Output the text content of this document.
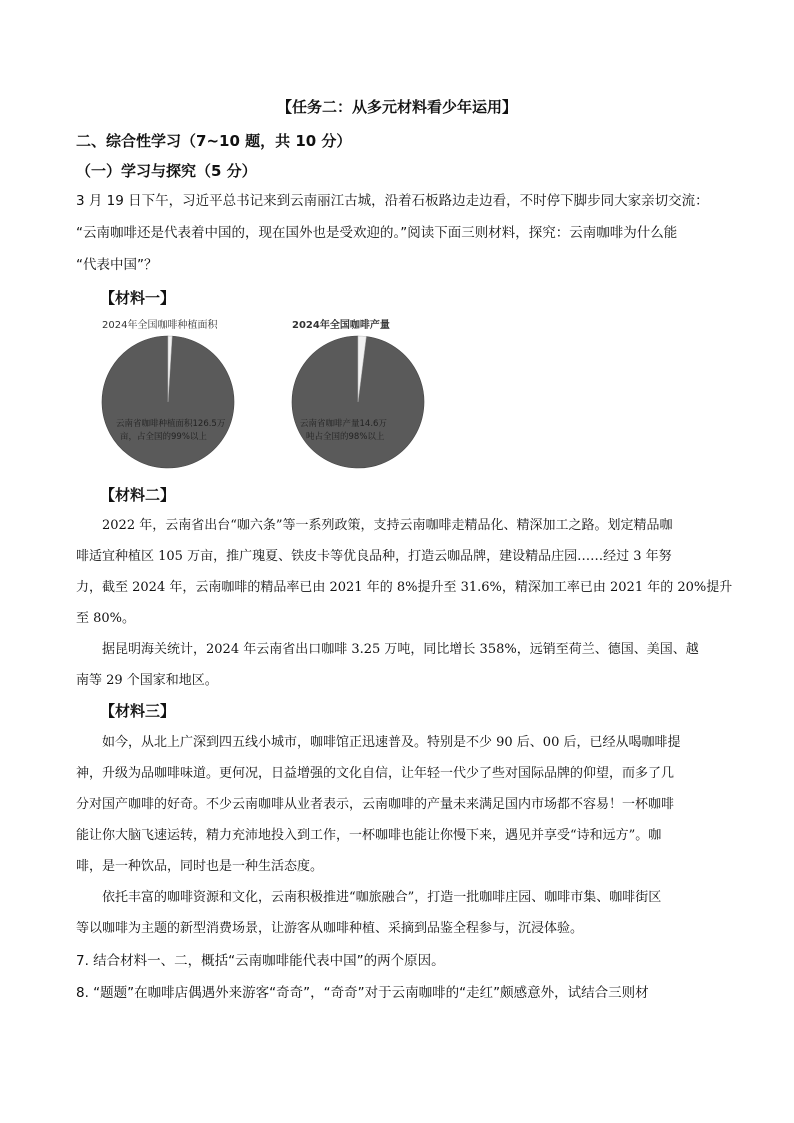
【任务二：从多元材料看少年运用】
二、综合性学习（7~10 题，共 10 分）
（一）学习与探究（5 分）
3 月 19 日下午，习近平总书记来到云南丽江古城，沿着石板路边走边看，不时停下脚步同大家亲切交流：
“云南咖啡还是代表着中国的，现在国外也是受欢迎的。”阅读下面三则材料，探究：云南咖啡为什么能
“代表中国”？
【材料一】
2024年全国咖啡种植面积
云南省咖啡种植面积126.5万
亩，占全国的99%以上
2024年全国咖啡产量
云南省咖啡产量14.6万
吨占全国的98%以上
【材料二】
2022 年，云南省出台“咖六条”等一系列政策，支持云南咖啡走精品化、精深加工之路。划定精品咖
啡适宜种植区 105 万亩，推广瑰夏、铁皮卡等优良品种，打造云咖品牌，建设精品庄园……经过 3 年努
力，截至 2024 年，云南咖啡的精品率已由 2021 年的 8%提升至 31.6%，精深加工率已由 2021 年的 20%提升
至 80%。
据昆明海关统计，2024 年云南省出口咖啡 3.25 万吨，同比增长 358%，远销至荷兰、德国、美国、越
南等 29 个国家和地区。
【材料三】
如今，从北上广深到四五线小城市，咖啡馆正迅速普及。特别是不少 90 后、00 后，已经从喝咖啡提
神，升级为品咖啡味道。更何况，日益增强的文化自信，让年轻一代少了些对国际品牌的仰望，而多了几
分对国产咖啡的好奇。不少云南咖啡从业者表示，云南咖啡的产量未来满足国内市场都不容易！一杯咖啡
能让你大脑飞速运转，精力充沛地投入到工作，一杯咖啡也能让你慢下来，遇见并享受“诗和远方”。咖
啡，是一种饮品，同时也是一种生活态度。
依托丰富的咖啡资源和文化，云南积极推进“咖旅融合”，打造一批咖啡庄园、咖啡市集、咖啡街区
等以咖啡为主题的新型消费场景，让游客从咖啡种植、采摘到品鉴全程参与，沉浸体验。
7. 结合材料一、二，概括“云南咖啡能代表中国”的两个原因。
8. “题题”在咖啡店偶遇外来游客“奇奇”，“奇奇”对于云南咖啡的“走红”颇感意外，试结合三则材
